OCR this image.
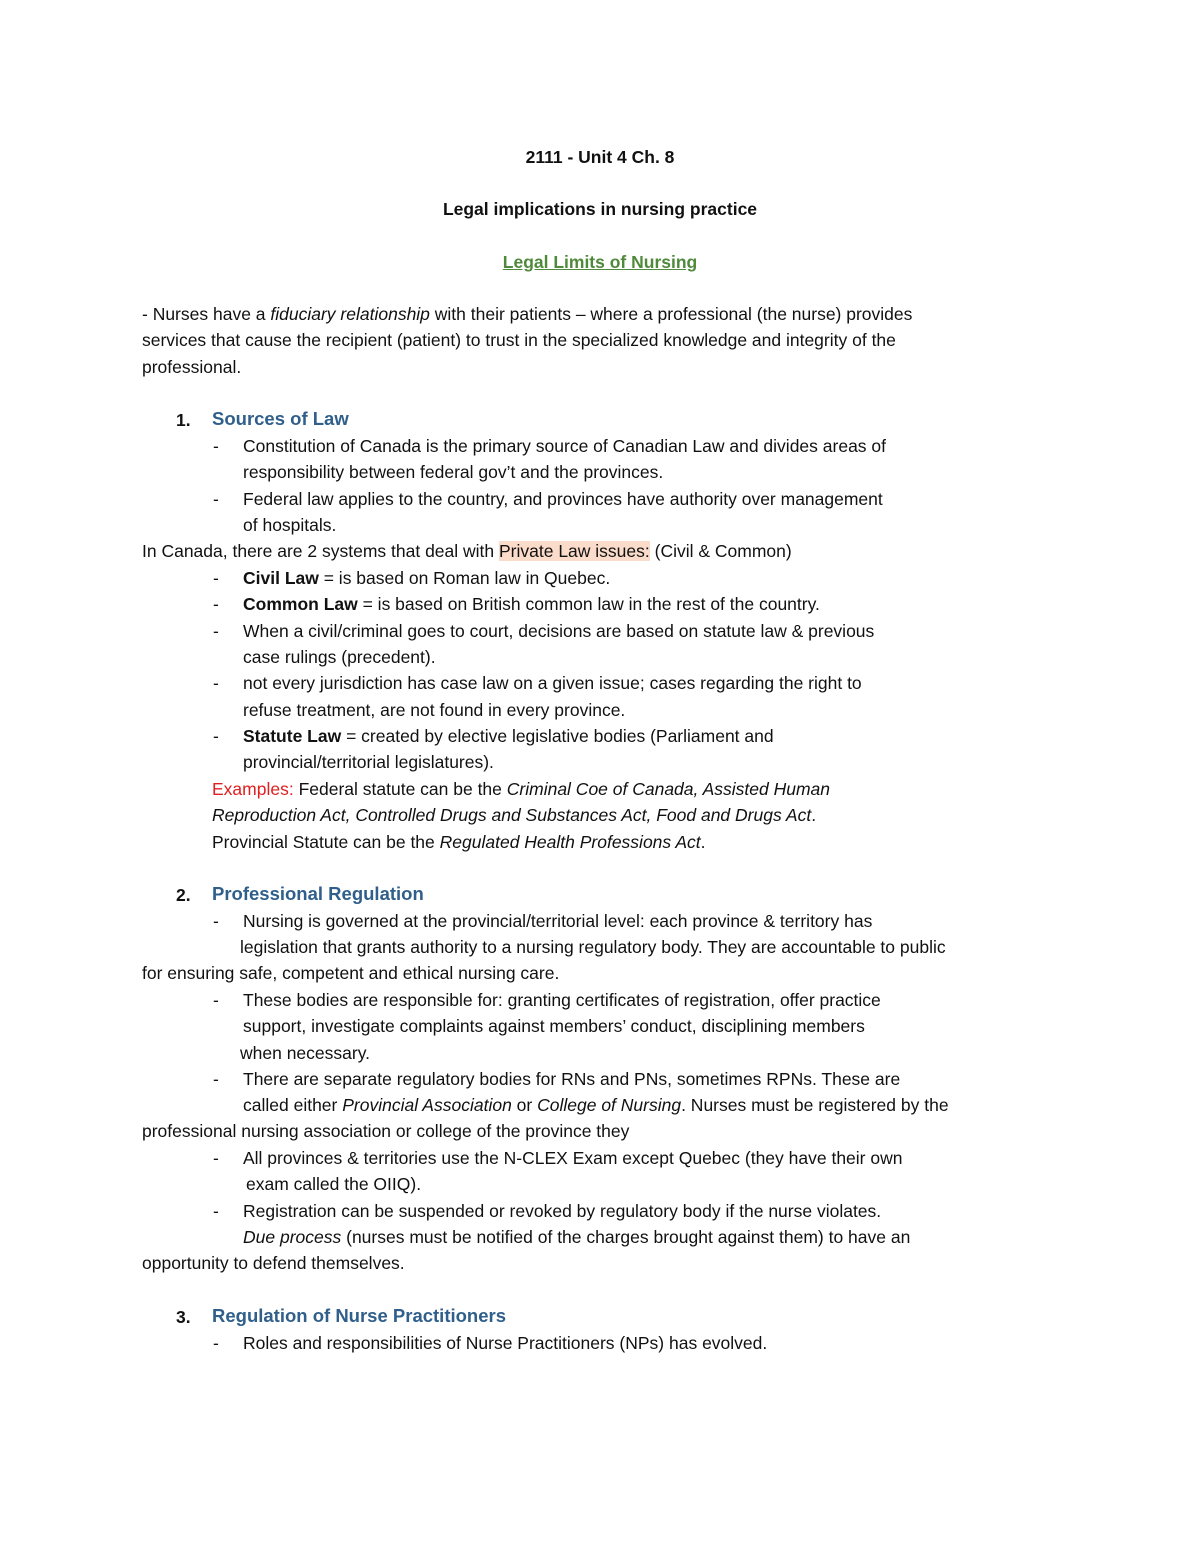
2111 - Unit 4 Ch. 8
Legal implications in nursing practice
Legal Limits of Nursing
- Nurses have a fiduciary relationship with their patients – where a professional (the nurse) provides
services that cause the recipient (patient) to trust in the specialized knowledge and integrity of the
professional.
1. Sources of Law
- Constitution of Canada is the primary source of Canadian Law and divides areas of
responsibility between federal gov’t and the provinces.
- Federal law applies to the country, and provinces have authority over management
of hospitals.
In Canada, there are 2 systems that deal with Private Law issues: (Civil & Common)
- Civil Law = is based on Roman law in Quebec.
- Common Law = is based on British common law in the rest of the country.
- When a civil/criminal goes to court, decisions are based on statute law & previous
case rulings (precedent).
- not every jurisdiction has case law on a given issue; cases regarding the right to
refuse treatment, are not found in every province.
- Statute Law = created by elective legislative bodies (Parliament and
provincial/territorial legislatures).
Examples: Federal statute can be the Criminal Coe of Canada, Assisted Human
Reproduction Act, Controlled Drugs and Substances Act, Food and Drugs Act.
Provincial Statute can be the Regulated Health Professions Act.
2. Professional Regulation
- Nursing is governed at the provincial/territorial level: each province & territory has
legislation that grants authority to a nursing regulatory body. They are accountable to public
for ensuring safe, competent and ethical nursing care.
- These bodies are responsible for: granting certificates of registration, offer practice
support, investigate complaints against members’ conduct, disciplining members
when necessary.
- There are separate regulatory bodies for RNs and PNs, sometimes RPNs. These are
called either Provincial Association or College of Nursing. Nurses must be registered by the
professional nursing association or college of the province they
- All provinces & territories use the N-CLEX Exam except Quebec (they have their own
exam called the OIIQ).
- Registration can be suspended or revoked by regulatory body if the nurse violates.
Due process (nurses must be notified of the charges brought against them) to have an
opportunity to defend themselves.
3. Regulation of Nurse Practitioners
- Roles and responsibilities of Nurse Practitioners (NPs) has evolved.
